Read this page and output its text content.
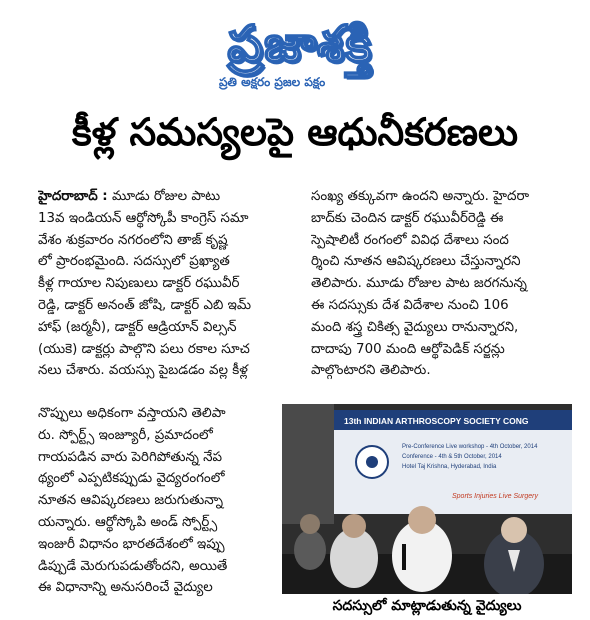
ప్రజాశక్తి
ప్రతి అక్షరం ప్రజల పక్షం
కీళ్ల సమస్యలపై ఆధునీకరణలు
హైదరాబాద్ : మూడు రోజుల పాటు
13వ ఇండియన్ ఆర్థోస్కోపీ కాంగ్రెస్ సమా
వేశం శుక్రవారం నగరంలోని తాజ్ కృష్ణ
లో ప్రారంభమైంది. సదస్సులో ప్రఖ్యాత
కీళ్ల గాయాల నిపుణులు డాక్టర్ రఘువీర్
రెడ్డి, డాక్టర్ అనంత్ జోషి, డాక్టర్ ఎబి ఇమ్
హాఫ్ (జర్మనీ), డాక్టర్ ఆడ్రియాన్ విల్సన్
(యుకె) డాక్టర్లు పాల్గొని పలు రకాల సూచ
నలు చేశారు. వయస్సు పైబడడం వల్ల కీళ్ల
నొప్పులు అధికంగా వస్తాయని తెలిపా
రు. స్పోర్ట్స్ ఇంజ్యూరీ, ప్రమాదంలో
గాయపడిన వారు పెరిగిపోతున్న నేప
థ్యంలో ఎప్పటికప్పుడు వైద్యరంగంలో
నూతన ఆవిష్కరణలు జరుగుతున్నా
యన్నారు. ఆర్థోస్కోపి అండ్ స్పోర్ట్స్
ఇంజురీ విధానం భారతదేశంలో ఇప్పు
డిప్పుడే మెరుగుపడుతోందని, అయితే
ఈ విధానాన్ని అనుసరించే వైద్యుల
సంఖ్య తక్కువగా ఉందని అన్నారు. హైదరా
బాద్‌కు చెందిన డాక్టర్ రఘువీర్‌రెడ్డి ఈ
స్పెషాలిటీ రంగంలో వివిధ దేశాలు సంద
ర్శించి నూతన ఆవిష్కరణలు చేస్తున్నారని
తెలిపారు. మూడు రోజుల పాట జరగనున్న
ఈ సదస్సుకు దేశ విదేశాల నుంచి 106
మంది శస్త్ర చికిత్స వైద్యులు రానున్నారని,
దాదాపు 700 మంది ఆర్థోపెడిక్ సర్జన్లు
పాల్గొంటారని తెలిపారు.
13th INDIAN ARTHROSCOPY SOCIETY CONG
Pre-Conference Live workshop - 4th October, 2014
Conference - 4th & 5th October, 2014
Hotel Taj Krishna, Hyderabad, India
Sports Injuries Live Surgery
సదస్సులో మాట్లాడుతున్న వైద్యులు
